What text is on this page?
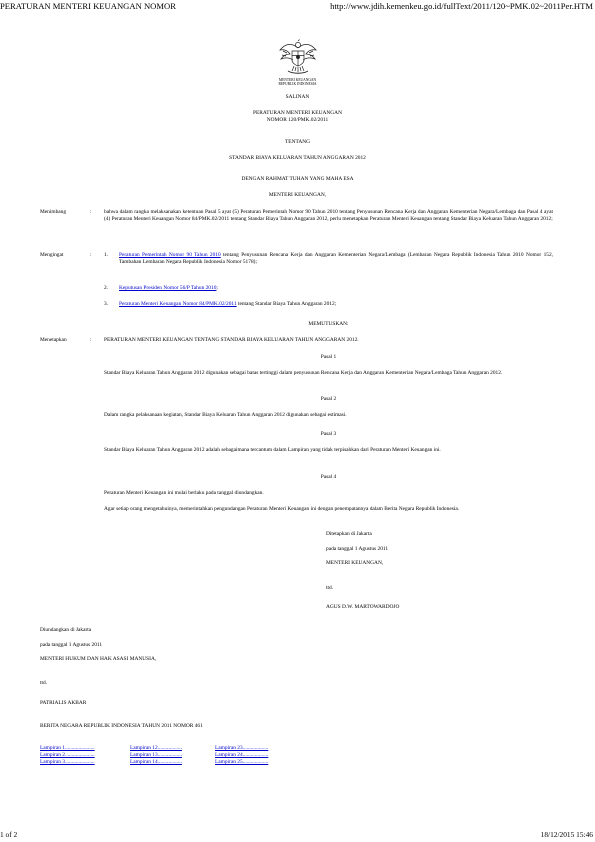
PERATURAN MENTERI KEUANGAN NOMOR	http://www.jdih.kemenkeu.go.id/fullText/2011/120~PMK.02~2011Per.HTM
MENTERI KEUANGAN
REPUBLIK INDONESIA
SALINAN
PERATURAN MENTERI KEUANGAN
NOMOR 120/PMK.02/2011
TENTANG
STANDAR BIAYA KELUARAN TAHUN ANGGARAN 2012
DENGAN RAHMAT TUHAN YANG MAHA ESA
MENTERI KEUANGAN,
Menimbang	: bahwa dalam rangka melaksanakan ketentuan Pasal 5 ayat (5) Peraturan Pemerintah Nomor 90 Tahun 2010 tentang Penyusunan Rencana Kerja dan Anggaran Kementerian Negara/Lembaga dan Pasal 4 ayat (4) Peraturan Menteri Keuangan Nomor 84/PMK.02/2011 tentang Standar Biaya Tahun Anggaran 2012, perlu menetapkan Peraturan Menteri Keuangan tentang Standar Biaya Keluaran Tahun Anggaran 2012;
Mengingat	: 1. Peraturan Pemerintah Nomor 90 Tahun 2010 tentang Penyusunan Rencana Kerja dan Anggaran Kementerian Negara/Lembaga (Lembaran Negara Republik Indonesia Tahun 2010 Nomor 152, Tambahan Lembaran Negara Republik Indonesia Nomor 5178);
2. Keputusan Presiden Nomor 56/P Tahun 2010;
3. Peraturan Menteri Keuangan Nomor 84/PMK.02/2011 tentang Standar Biaya Tahun Anggaran 2012;
MEMUTUSKAN:
Menetapkan	: PERATURAN MENTERI KEUANGAN TENTANG STANDAR BIAYA KELUARAN TAHUN ANGGARAN 2012.
Pasal 1
Standar Biaya Keluaran Tahun Anggaran 2012 digunakan sebagai batas tertinggi dalam penyusunan Rencana Kerja dan Anggaran Kementerian Negara/Lembaga Tahun Anggaran 2012.
Pasal 2
Dalam rangka pelaksanaan kegiatan, Standar Biaya Keluaran Tahun Anggaran 2012 digunakan sebagai estimasi.
Pasal 3
Standar Biaya Keluaran Tahun Anggaran 2012 adalah sebagaimana tercantum dalam Lampiran yang tidak terpisahkan dari Peraturan Menteri Keuangan ini.
Pasal 4
Peraturan Menteri Keuangan ini mulai berlaku pada tanggal diundangkan.
Agar setiap orang mengetahuinya, memerintahkan pengundangan Peraturan Menteri Keuangan ini dengan penempatannya dalam Berita Negara Republik Indonesia.
Ditetapkan di Jakarta
pada tanggal 1 Agustus 2011
MENTERI KEUANGAN,
ttd.
AGUS D.W. MARTOWARDOJO
Diundangkan di Jakarta
pada tanggal 1 Agustus 2011
MENTERI HUKUM DAN HAK ASASI MANUSIA,
ttd.
PATRIALIS AKBAR
BERITA NEGARA REPUBLIK INDONESIA TAHUN 2011 NOMOR 461
Lampiran 1......................	Lampiran 12..................	Lampiran 23...................
Lampiran 2......................	Lampiran 13..................	Lampiran 24...................
Lampiran 3......................	Lampiran 14..................	Lampiran 25...................
1 of 2	18/12/2015 15:46
